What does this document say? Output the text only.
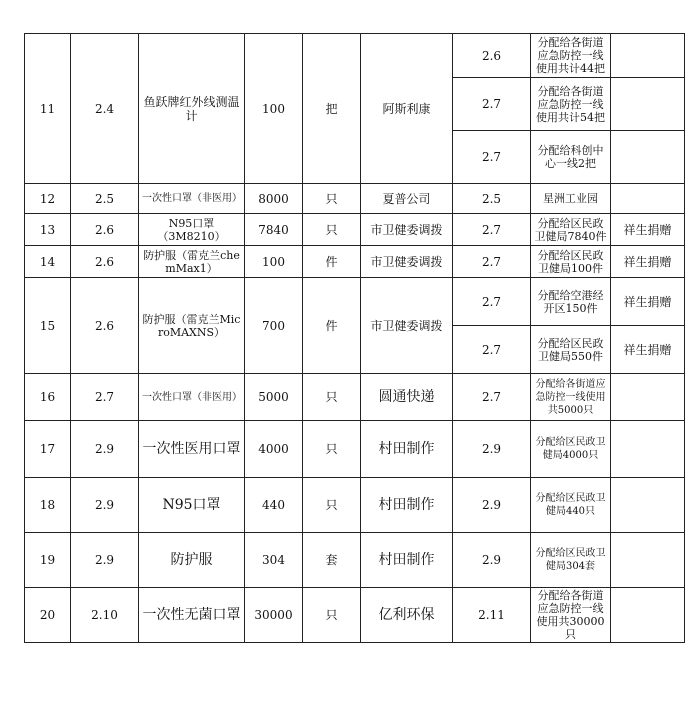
11	2.4	鱼跃牌红外线测温计	100	把	阿斯利康	2.6	分配给各街道应急防控一线使用共计44把	
						2.7	分配给各街道应急防控一线使用共计54把	
						2.7	分配给科创中心一线2把	
12	2.5	一次性口罩（非医用）	8000	只	夏普公司	2.5	星洲工业园	
13	2.6	N95口罩（3M8210）	7840	只	市卫健委调拨	2.7	分配给区民政卫健局7840件	祥生捐赠
14	2.6	防护服（雷克兰chemMax1）	100	件	市卫健委调拨	2.7	分配给区民政卫健局100件	祥生捐赠
15	2.6	防护服（雷克兰MicroMAXNS）	700	件	市卫健委调拨	2.7	分配给空港经开区150件	祥生捐赠
						2.7	分配给区民政卫健局550件	祥生捐赠
16	2.7	一次性口罩（非医用）	5000	只	圆通快递	2.7	分配给各街道应急防控一线使用共5000只	
17	2.9	一次性医用口罩	4000	只	村田制作	2.9	分配给区民政卫健局4000只	
18	2.9	N95口罩	440	只	村田制作	2.9	分配给区民政卫健局440只	
19	2.9	防护服	304	套	村田制作	2.9	分配给区民政卫健局304套	
20	2.10	一次性无菌口罩	30000	只	亿利环保	2.11	分配给各街道应急防控一线使用共30000只	
